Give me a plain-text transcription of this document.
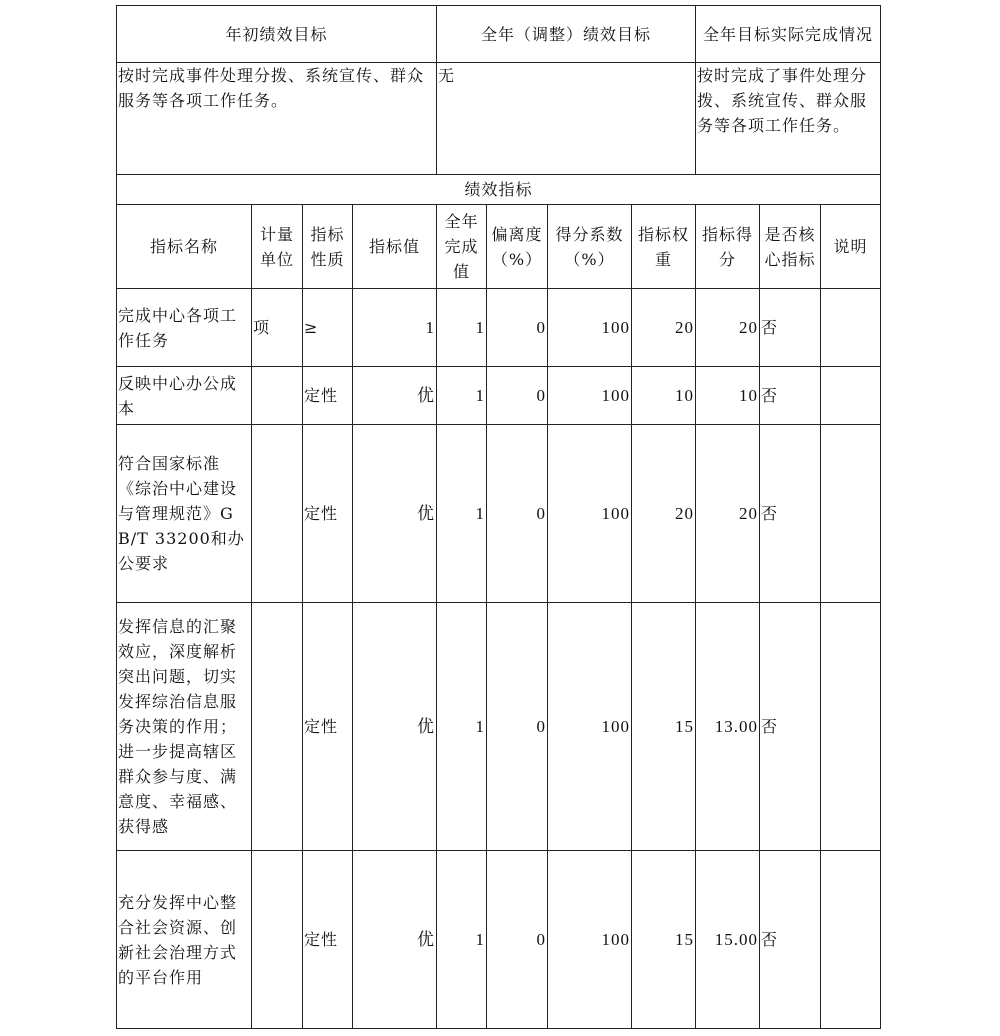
年初绩效目标				全年（调整）绩效目标				全年目标实际完成情况		
按时完成事件处理分拨、系统宣传、群众服务等各项工作任务。				无				按时完成了事件处理分拨、系统宣传、群众服务等各项工作任务。		
绩效指标										
指标名称	计量单位	指标性质	指标值	全年完成值	偏离度（%）	得分系数（%）	指标权重	指标得分	是否核心指标	说明
完成中心各项工作任务	项	≥	1	1	0	100	20	20	否	
反映中心办公成本		定性	优	1	0	100	10	10	否	
符合国家标准《综治中心建设与管理规范》GB/T 33200和办公要求		定性	优	1	0	100	20	20	否	
发挥信息的汇聚效应，深度解析突出问题，切实发挥综治信息服务决策的作用；进一步提高辖区群众参与度、满意度、幸福感、获得感		定性	优	1	0	100	15	13.00	否	
充分发挥中心整合社会资源、创新社会治理方式的平台作用		定性	优	1	0	100	15	15.00	否	
